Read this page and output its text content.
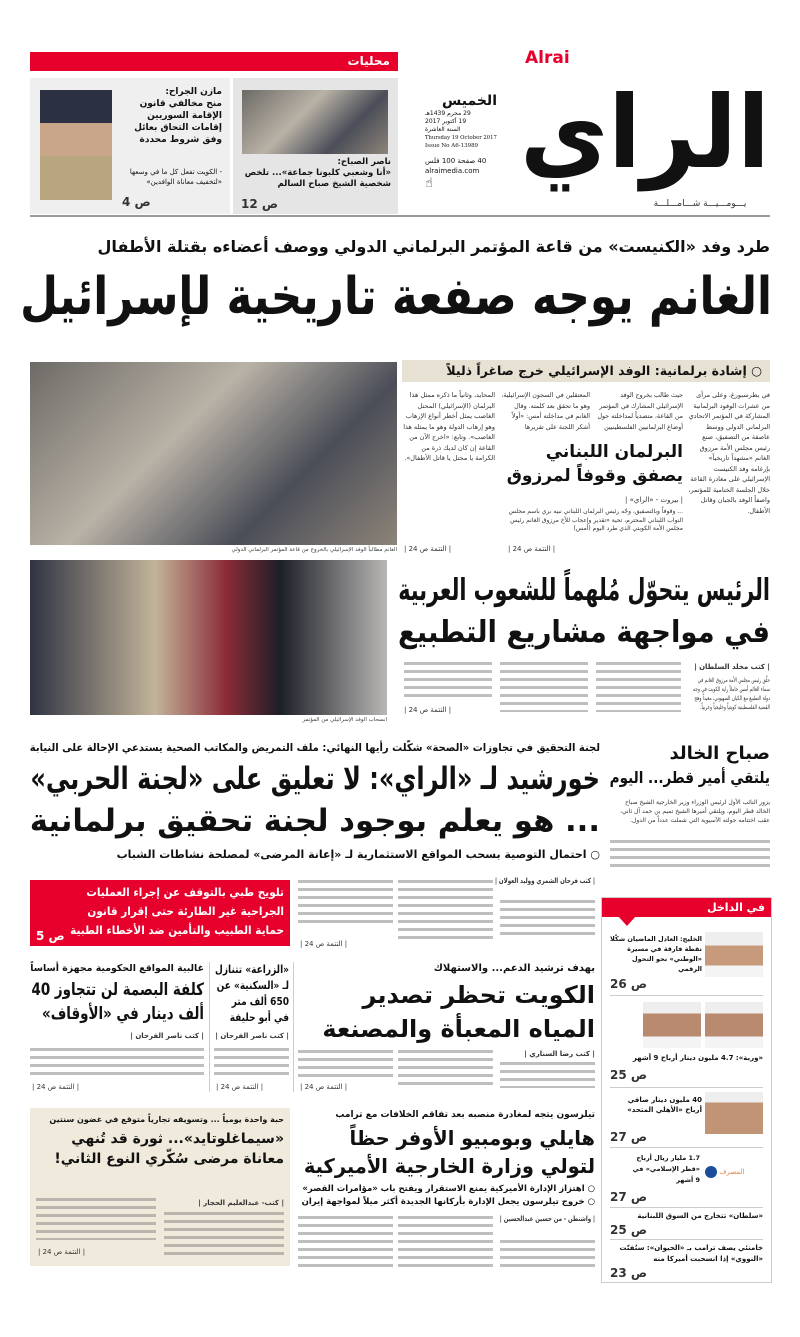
محليات
مازن الجراح:
منح مخالفي قانون الإقامة السوريين إقامات التحاق بعائل وفق شروط محددة
- الكويت تفعل كل ما في وسعها «لتخفيف معاناة الوافدين»
ص 4
ناصر الصباح:
«أنا وشعبي كلبونا جماعة»... تلخص شخصية الشيخ صباح السالم
ص 12
Alrai
الراي
يـــومـــيـــة شـــامـــلـــة
الخميس
29 محرم 1439هـ
19 أكتوبر 2017
السنة العاشرة
Thursday 19 October 2017
Issue No A6-13989
40 صفحة 100 فلس
alraimedia.com
☝
طرد وفد «الكنيست» من قاعة المؤتمر البرلماني الدولي ووصف أعضاءه بقتلة الأطفال
الغانم يوجه صفعة تاريخية لإسرائيل
الغانم مطالباً الوفد الإسرائيلي بالخروج من قاعة المؤتمر البرلماني الدولي
○ إشادة برلمانية: الوفد الإسرائيلي خرج صاغراً ذليلاً
في بطرسبورغ، وعلى مرأى من عشرات الوفود البرلمانية المشاركة في المؤتمر الاتحادي البرلماني الدولي ووسط عاصفة من التصفيق، صنع رئيس مجلس الأمة مرزوق الغانم «مشهداً تاريخياً» بإرغامه وفد الكنيست الإسرائيلي على مغادرة القاعة خلال الجلسة الختامية للمؤتمر، واصفاً الوفد بالجبان وقاتل الأطفال.
حيث طالب بخروج الوفد الإسرائيلي المشارك في المؤتمر من القاعة، متصدياً لمداخلته حول أوضاع البرلمانيين الفلسطينيين
المعتقلين في السجون الإسرائيلية، وهو ما تحقق بعد كلمته. وقال الغانم في مداخلته أمس: «أولاً أشكر اللجنة على تقريرها
المحايد، وثانياً ما ذكره ممثل هذا البرلمان (الإسرائيلي) المحتل الغاصب يمثل أخطر أنواع الإرهاب وهو إرهاب الدولة وهو ما يمثله هذا الغاصب». وتابع: «اخرج الآن من القاعة إن كان لديك ذرة من الكرامة يا محتل يا قاتل الأطفال».	البرلمان اللبناني يصفق وقوفاً لمرزوق
| بيروت - «الراي» |
... وقوفاً وبالتصفيق، وجّه رئيس البرلمان اللبناني نبيه بري باسم مجلس النواب اللبناني المحترم، تحية «تقدير وإعجاب للأخ مرزوق الغانم رئيس مجلس الأمة الكويتي الذي طرد اليوم (أمس)
| التتمة ص 24 |
| التتمة ص 24 |
انسحاب الوفد الإسرائيلي من المؤتمر
الرئيس يتحوّل مُلهماً للشعوب العربية
في مواجهة مشاريع التطبيع
| كتب مخلد السلطان |
حلّق رئيس مجلس الأمة مرزوق الغانم في سماء العالم أمس حاملاً راية الكويت في وجه دولة التطبيع مع الكيان الصهيوني، معيداً وهج القضية الفلسطينية كويتياً وخليجياً وعربياً.
| التتمة ص 24 |
صباح الخالد
يلتقي أمير قطر... اليوم
يزور النائب الأول لرئيس الوزراء وزير الخارجية الشيخ صباح الخالد قطر اليوم، ويلتقي أميرها الشيخ تميم بن حمد آل ثاني، عقب اختتامه جولته الآسيوية التي شملت عدداً من الدول.
لجنة التحقيق في تجاوزات «الصحة» شكّلت رأيها النهائي: ملف التمريض والمكاتب الصحية يستدعي الإحالة على النيابة
خورشيد لـ «الراي»: لا تعليق على «لجنة الحربي»
... هو يعلم بوجود لجنة تحقيق برلمانية
○ احتمال التوصية بسحب المواقع الاستثمارية لـ «إعانة المرضى» لمصلحة نشاطات الشباب
| كتب فرحان الشمري ووليد العولان |
| التتمة ص 24 |
تلويح طبي بالتوقف عن إجراء العمليات الجراحية غير الطارئة حتى إقرار قانون حماية الطبيب والتأمين ضد الأخطاء الطبية
ص 5
بهدف ترشيد الدعم... والاستهلاك
الكويت تحظر تصدير المياه المعبأة والمصنعة
| كتب رضا السناري |
| التتمة ص 24 |
«الزراعة» تتنازل لـ «السكنية» عن 650 ألف متر في أبو حليفة
| كتب ناصر الفرحان |
| التتمة ص 24 |
غالبية المواقع الحكومية مجهزة أساساً
كلفة البصمة لن تتجاوز 40 ألف دينار في «الأوقاف»
| كتب ناصر الفرحان |
| التتمة ص 24 |
حبة واحدة يومياً ... وتسويقه تجارياً متوقع في غضون سنتين
«سيماغلوتايد»... ثورة قد تُنهي معاناة مرضى سُكّري النوع الثاني!
| كتب- عبدالعليم الحجار |
| التتمة ص 24 |
تيلرسون يتجه لمغادرة منصبه بعد تفاقم الخلافات مع ترامب
هايلي وبومبيو الأوفر حظاً لتولي وزارة الخارجية الأميركية
○ اهتزاز الإدارة الأميركية يمنع الاستقرار ويفتح باب «مؤامرات القصر»
○ خروج تيلرسون يجعل الإدارة بأركانها الجديدة أكثر ميلاً لمواجهة إيران
| واشنطن - من حسين عبدالحسين |
في الداخل
الخليج: العادل الماضيان شكّلا نقطة فارقة في مسيرة «الوطني» نحو التحول الرقمي
ص 26
«وربة»: 4.7 مليون دينار أرباح 9 أشهر
ص 25
40 مليون دينار صافي أرباح «الأهلي المتحد»
ص 27
المصرف
1.7 مليار ريال أرباح «قطر الإسلامي» في 9 أشهر
ص 27
«سلطان» تتخارج من السوق اللبنانية
ص 25
خامنئي يصف ترامب بـ «الحيوان»: سنُفتّت «النووي» إذا انسحبت أميركا منه
ص 23
